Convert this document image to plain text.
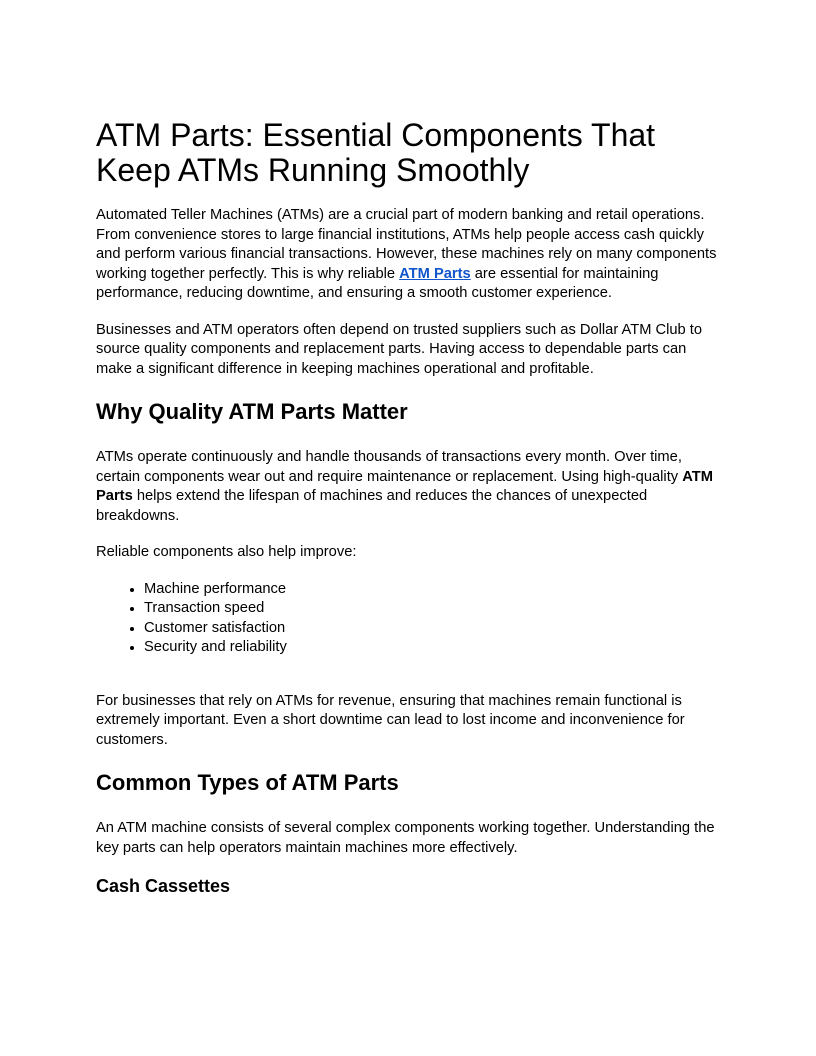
ATM Parts: Essential Components That Keep ATMs Running Smoothly

Automated Teller Machines (ATMs) are a crucial part of modern banking and retail operations. From convenience stores to large financial institutions, ATMs help people access cash quickly and perform various financial transactions. However, these machines rely on many components working together perfectly. This is why reliable ATM Parts are essential for maintaining performance, reducing downtime, and ensuring a smooth customer experience.

Businesses and ATM operators often depend on trusted suppliers such as Dollar ATM Club to source quality components and replacement parts. Having access to dependable parts can make a significant difference in keeping machines operational and profitable.

Why Quality ATM Parts Matter

ATMs operate continuously and handle thousands of transactions every month. Over time, certain components wear out and require maintenance or replacement. Using high-quality ATM Parts helps extend the lifespan of machines and reduces the chances of unexpected breakdowns.

Reliable components also help improve:

• Machine performance
• Transaction speed
• Customer satisfaction
• Security and reliability

For businesses that rely on ATMs for revenue, ensuring that machines remain functional is extremely important. Even a short downtime can lead to lost income and inconvenience for customers.

Common Types of ATM Parts

An ATM machine consists of several complex components working together. Understanding the key parts can help operators maintain machines more effectively.

Cash Cassettes
